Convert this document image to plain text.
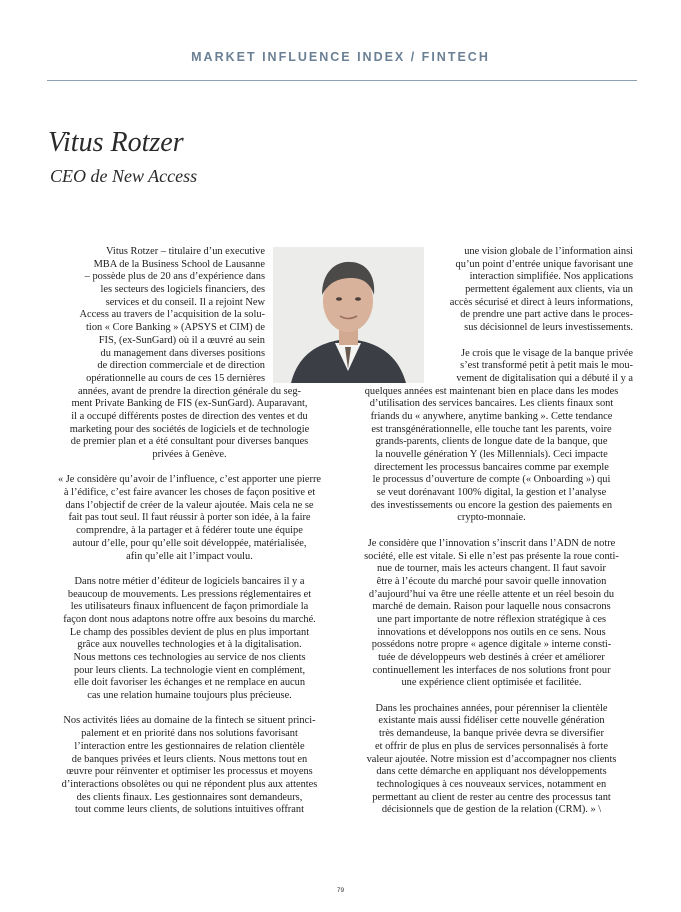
MARKET INFLUENCE INDEX / FINTECH
Vitus Rotzer
CEO de New Access
Vitus Rotzer – titulaire d’un executive
MBA de la Business School de Lausanne
– possède plus de 20 ans d’expérience dans
les secteurs des logiciels financiers, des
services et du conseil. Il a rejoint New
Access au travers de l’acquisition de la solu-
tion « Core Banking » (APSYS et CIM) de
FIS, (ex-SunGard) où il a œuvré au sein
du management dans diverses positions
de direction commerciale et de direction
opérationnelle au cours de ces 15 dernières
années, avant de prendre la direction générale du seg-
ment Private Banking de FIS (ex-SunGard). Auparavant,
il a occupé différents postes de direction des ventes et du
marketing pour des sociétés de logiciels et de technologie
de premier plan et a été consultant pour diverses banques
privées à Genève.
« Je considère qu’avoir de l’influence, c’est apporter une pierre
à l’édifice, c’est faire avancer les choses de façon positive et
dans l’objectif de créer de la valeur ajoutée. Mais cela ne se
fait pas tout seul. Il faut réussir à porter son idée, à la faire
comprendre, à la partager et à fédérer toute une équipe
autour d’elle, pour qu’elle soit développée, matérialisée,
afin qu’elle ait l’impact voulu.
Dans notre métier d’éditeur de logiciels bancaires il y a
beaucoup de mouvements. Les pressions réglementaires et
les utilisateurs finaux influencent de façon primordiale la
façon dont nous adaptons notre offre aux besoins du marché.
Le champ des possibles devient de plus en plus important
grâce aux nouvelles technologies et à la digitalisation.
Nous mettons ces technologies au service de nos clients
pour leurs clients. La technologie vient en complément,
elle doit favoriser les échanges et ne remplace en aucun
cas une relation humaine toujours plus précieuse.
Nos activités liées au domaine de la fintech se situent princi-
palement et en priorité dans nos solutions favorisant
l’interaction entre les gestionnaires de relation clientèle
de banques privées et leurs clients. Nous mettons tout en
œuvre pour réinventer et optimiser les processus et moyens
d’interactions obsolètes ou qui ne répondent plus aux attentes
des clients finaux. Les gestionnaires sont demandeurs,
tout comme leurs clients, de solutions intuitives offrant
une vision globale de l’information ainsi
qu’un point d’entrée unique favorisant une
interaction simplifiée. Nos applications
permettent également aux clients, via un
accès sécurisé et direct à leurs informations,
de prendre une part active dans le proces-
sus décisionnel de leurs investissements.
Je crois que le visage de la banque privée
s’est transformé petit à petit mais le mou-
vement de digitalisation qui a débuté il y a
quelques années est maintenant bien en place dans les modes
d’utilisation des services bancaires. Les clients finaux sont
friands du « anywhere, anytime banking ». Cette tendance
est transgénérationnelle, elle touche tant les parents, voire
grands-parents, clients de longue date de la banque, que
la nouvelle génération Y (les Millennials). Ceci impacte
directement les processus bancaires comme par exemple
le processus d’ouverture de compte (« Onboarding ») qui
se veut dorénavant 100% digital, la gestion et l’analyse
des investissements ou encore la gestion des paiements en
crypto-monnaie.
Je considère que l’innovation s’inscrit dans l’ADN de notre
société, elle est vitale. Si elle n’est pas présente la roue conti-
nue de tourner, mais les acteurs changent. Il faut savoir
être à l’écoute du marché pour savoir quelle innovation
d’aujourd’hui va être une réelle attente et un réel besoin du
marché de demain. Raison pour laquelle nous consacrons
une part importante de notre réflexion stratégique à ces
innovations et développons nos outils en ce sens. Nous
possédons notre propre « agence digitale » interne consti-
tuée de développeurs web destinés à créer et améliorer
continuellement les interfaces de nos solutions front pour
une expérience client optimisée et facilitée.
Dans les prochaines années, pour pérenniser la clientèle
existante mais aussi fidéliser cette nouvelle génération
très demandeuse, la banque privée devra se diversifier
et offrir de plus en plus de services personnalisés à forte
valeur ajoutée. Notre mission est d’accompagner nos clients
dans cette démarche en appliquant nos développements
technologiques à ces nouveaux services, notamment en
permettant au client de rester au centre des processus tant
décisionnels que de gestion de la relation (CRM). » \
79
